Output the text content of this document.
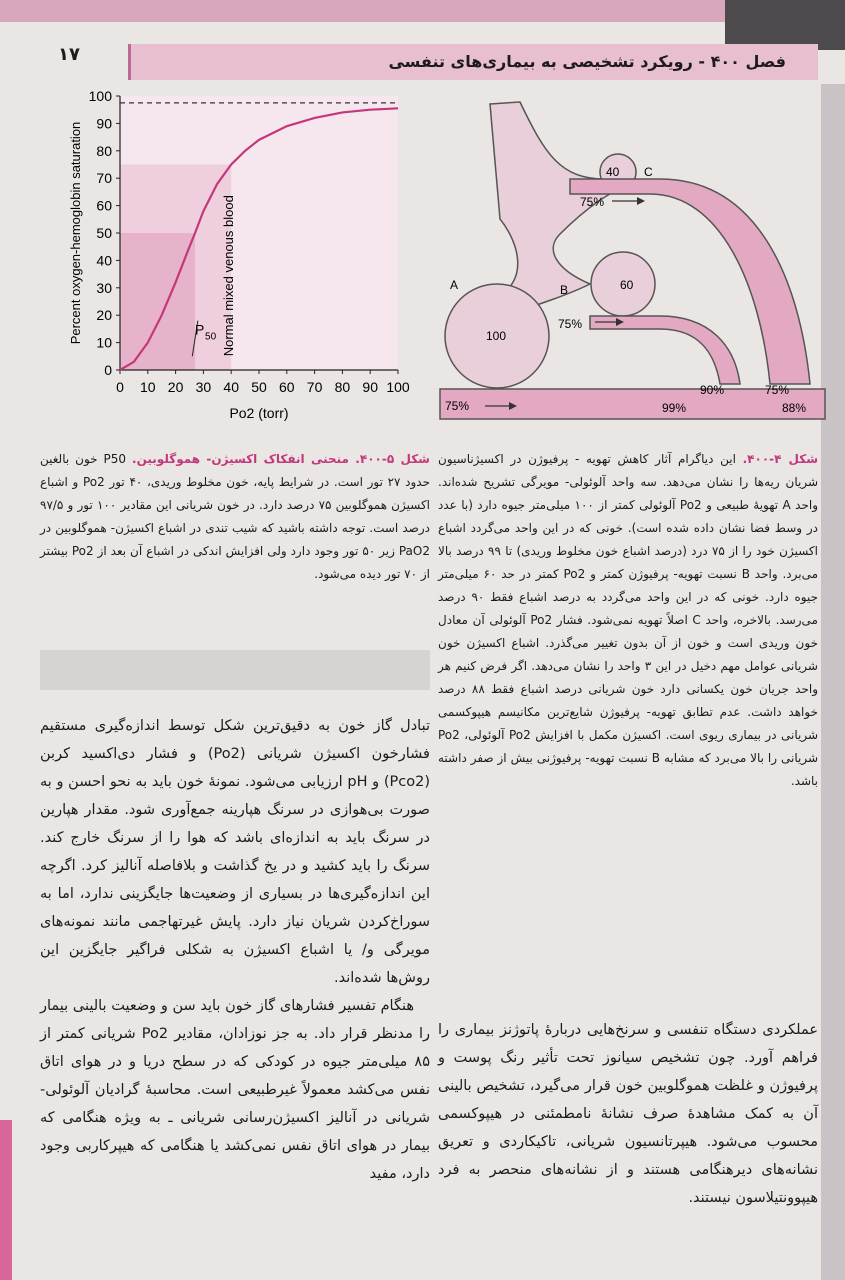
۱۷	فصل ۴۰۰ - رویکرد تشخیصی به بیماری‌های تنفسی
0 10 20 30 40 50 60 70 80 90 100
0
10
20
30
40
50
60
70
80
90
100
Po2 (torr)
Percent oxygen-hemoglobin saturation	P 50 Normal mixed venous blood
40 C
60
B
100
A
75%
75%
75%
90%	75%
99%	88%
شکل ۴-۴۰۰. این دیاگرام آثار کاهش تهویه - پرفیوژن در اکسیژناسیون شریان ریه‌ها را نشان می‌دهد. سه واحد آلوئولی- مویرگی تشریح شده‌اند. واحد A تهویهٔ طبیعی و Po2 آلوئولی کمتر از ۱۰۰ میلی‌متر جیوه دارد (با عدد در وسط فضا نشان داده شده است). خونی که در این واحد می‌گردد اشباع اکسیژن خود را از ۷۵ درد (درصد اشباع خون مخلوط وریدی) تا ۹۹ درصد بالا می‌برد. واحد B نسبت تهویه- پرفیوژن کمتر و Po2 کمتر در حد ۶۰ میلی‌متر جیوه دارد. خونی که در این واحد می‌گردد به درصد اشباع فقط ۹۰ درصد می‌رسد. بالاخره، واحد C اصلاً تهویه نمی‌شود. فشار Po2 آلوئولی آن معادل خون وریدی است و خون از آن بدون تغییر می‌گذرد. اشباع اکسیژن خون شریانی عوامل مهم دخیل در این ۳ واحد را نشان می‌دهد. اگر فرض کنیم هر واحد جریان خون یکسانی دارد خون شریانی درصد اشباع فقط ۸۸ درصد خواهد داشت. عدم تطابق تهویه- پرفیوژن شایع‌ترین مکانیسم هیپوکسمی شریانی در بیماری ریوی است. اکسیژن مکمل با افزایش Po2 آلوئولی، Po2 شریانی را بالا می‌برد که مشابه B نسبت تهویه- پرفیوژنی بیش از صفر داشته باشد.
شکل ۵-۴۰۰. منحنی انفکاک اکسیژن- هموگلوبین. P50 خون بالغین حدود ۲۷ تور است. در شرایط پایه، خون مخلوط وریدی، ۴۰ تور Po2 و اشباع اکسیژن هموگلوبین ۷۵ درصد دارد. در خون شریانی این مقادیر ۱۰۰ تور و ۹۷/۵ درصد است. توجه داشته باشید که شیب تندی در اشباع اکسیژن- هموگلوبین در PaO2 زیر ۵۰ تور وجود دارد ولی افزایش اندکی در اشباع آن بعد از Po2 بیشتر از ۷۰ تور دیده می‌شود.

تبادل گاز خون به دقیق‌ترین شکل توسط اندازه‌گیری مستقیم فشارخون اکسیژن شریانی (Po2) و فشار دی‌اکسید کربن (Pco2) و pH ارزیابی می‌شود. نمونهٔ خون باید به نحو احسن و به صورت بی‌هوازی در سرنگ هپارینه جمع‌آوری شود. مقدار هپارین در سرنگ باید به اندازه‌ای باشد که هوا را از سرنگ خارج کند. سرنگ را باید کشید و در یخ گذاشت و بلافاصله آنالیز کرد. اگرچه این اندازه‌گیری‌ها در بسیاری از وضعیت‌ها جایگزینی ندارد، اما به سوراخ‌کردن شریان نیاز دارد. پایش غیرتهاجمی مانند نمونه‌های مویرگی و/ یا اشباع اکسیژن به شکلی فراگیر جایگزین این روش‌ها شده‌اند.

هنگام تفسیر فشارهای گاز خون باید سن و وضعیت بالینی بیمار را مدنظر قرار داد. به جز نوزادان، مقادیر Po2 شریانی کمتر از ۸۵ میلی‌متر جیوه در کودکی که در سطح دریا و در هوای اتاق نفس می‌کشد معمولاً غیرطبیعی است. محاسبهٔ گرادیان آلوئولی- شریانی در آنالیز اکسیژن‌رسانی شریانی ـ به ویژه هنگامی که بیمار در هوای اتاق نفس نمی‌کشد یا هنگامی که هیپرکاربی وجود دارد، مفید

عملکردی دستگاه تنفسی و سرنخ‌هایی دربارهٔ پاتوژنز بیماری را فراهم آورد. چون تشخیص سیانوز تحت تأثیر رنگ پوست و پرفیوژن و غلظت هموگلوبین خون قرار می‌گیرد، تشخیص بالینی آن به کمک مشاهدهٔ صرف نشانهٔ نامطمئنی در هیپوکسمی محسوب می‌شود. هیپرتانسیون شریانی، تاکیکاردی و تعریق نشانه‌های دیرهنگامی هستند و از نشانه‌های منحصر به فرد هیپوونتیلاسون نیستند.
